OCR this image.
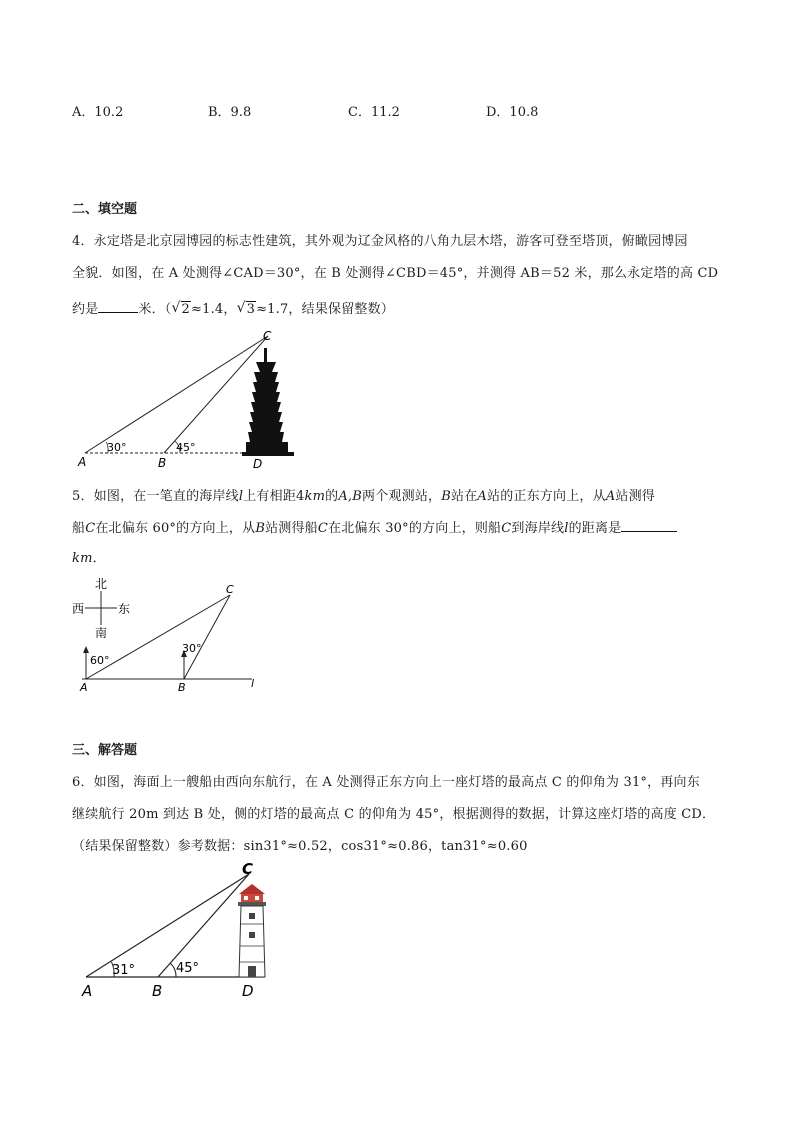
A．10.2	B．9.8	C．11.2	D．10.8
二、填空题
4．永定塔是北京园博园的标志性建筑，其外观为辽金风格的八角九层木塔，游客可登至塔顶，俯瞰园博园
全貌．如图，在 A 处测得∠CAD＝30°，在 B 处测得∠CBD＝45°，并测得 AB＝52 米，那么永定塔的高 CD
约是	米．（ √ 2≈1.4， √ 3≈1.7，结果保留整数）
C
A	B	D
30°	45°
5．如图，在一笔直的海岸线l上有相距4km的A,B两个观测站，B站在A站的正东方向上，从A站测得
船C在北偏东 60°的方向上，从B站测得船C在北偏东 30°的方向上，则船C到海岸线l的距离是
km．
北
南
西	东
60°
30°
A	B
C
l
三、解答题
6．如图，海面上一艘船由西向东航行，在 A 处测得正东方向上一座灯塔的最高点 C 的仰角为 31°，再向东
继续航行 20m 到达 B 处，侧的灯塔的最高点 C 的仰角为 45°，根据测得的数据，计算这座灯塔的高度 CD．
（结果保留整数）参考数据：sin31°≈0.52，cos31°≈0.86，tan31°≈0.60
C
A	B	D
31°	45°
